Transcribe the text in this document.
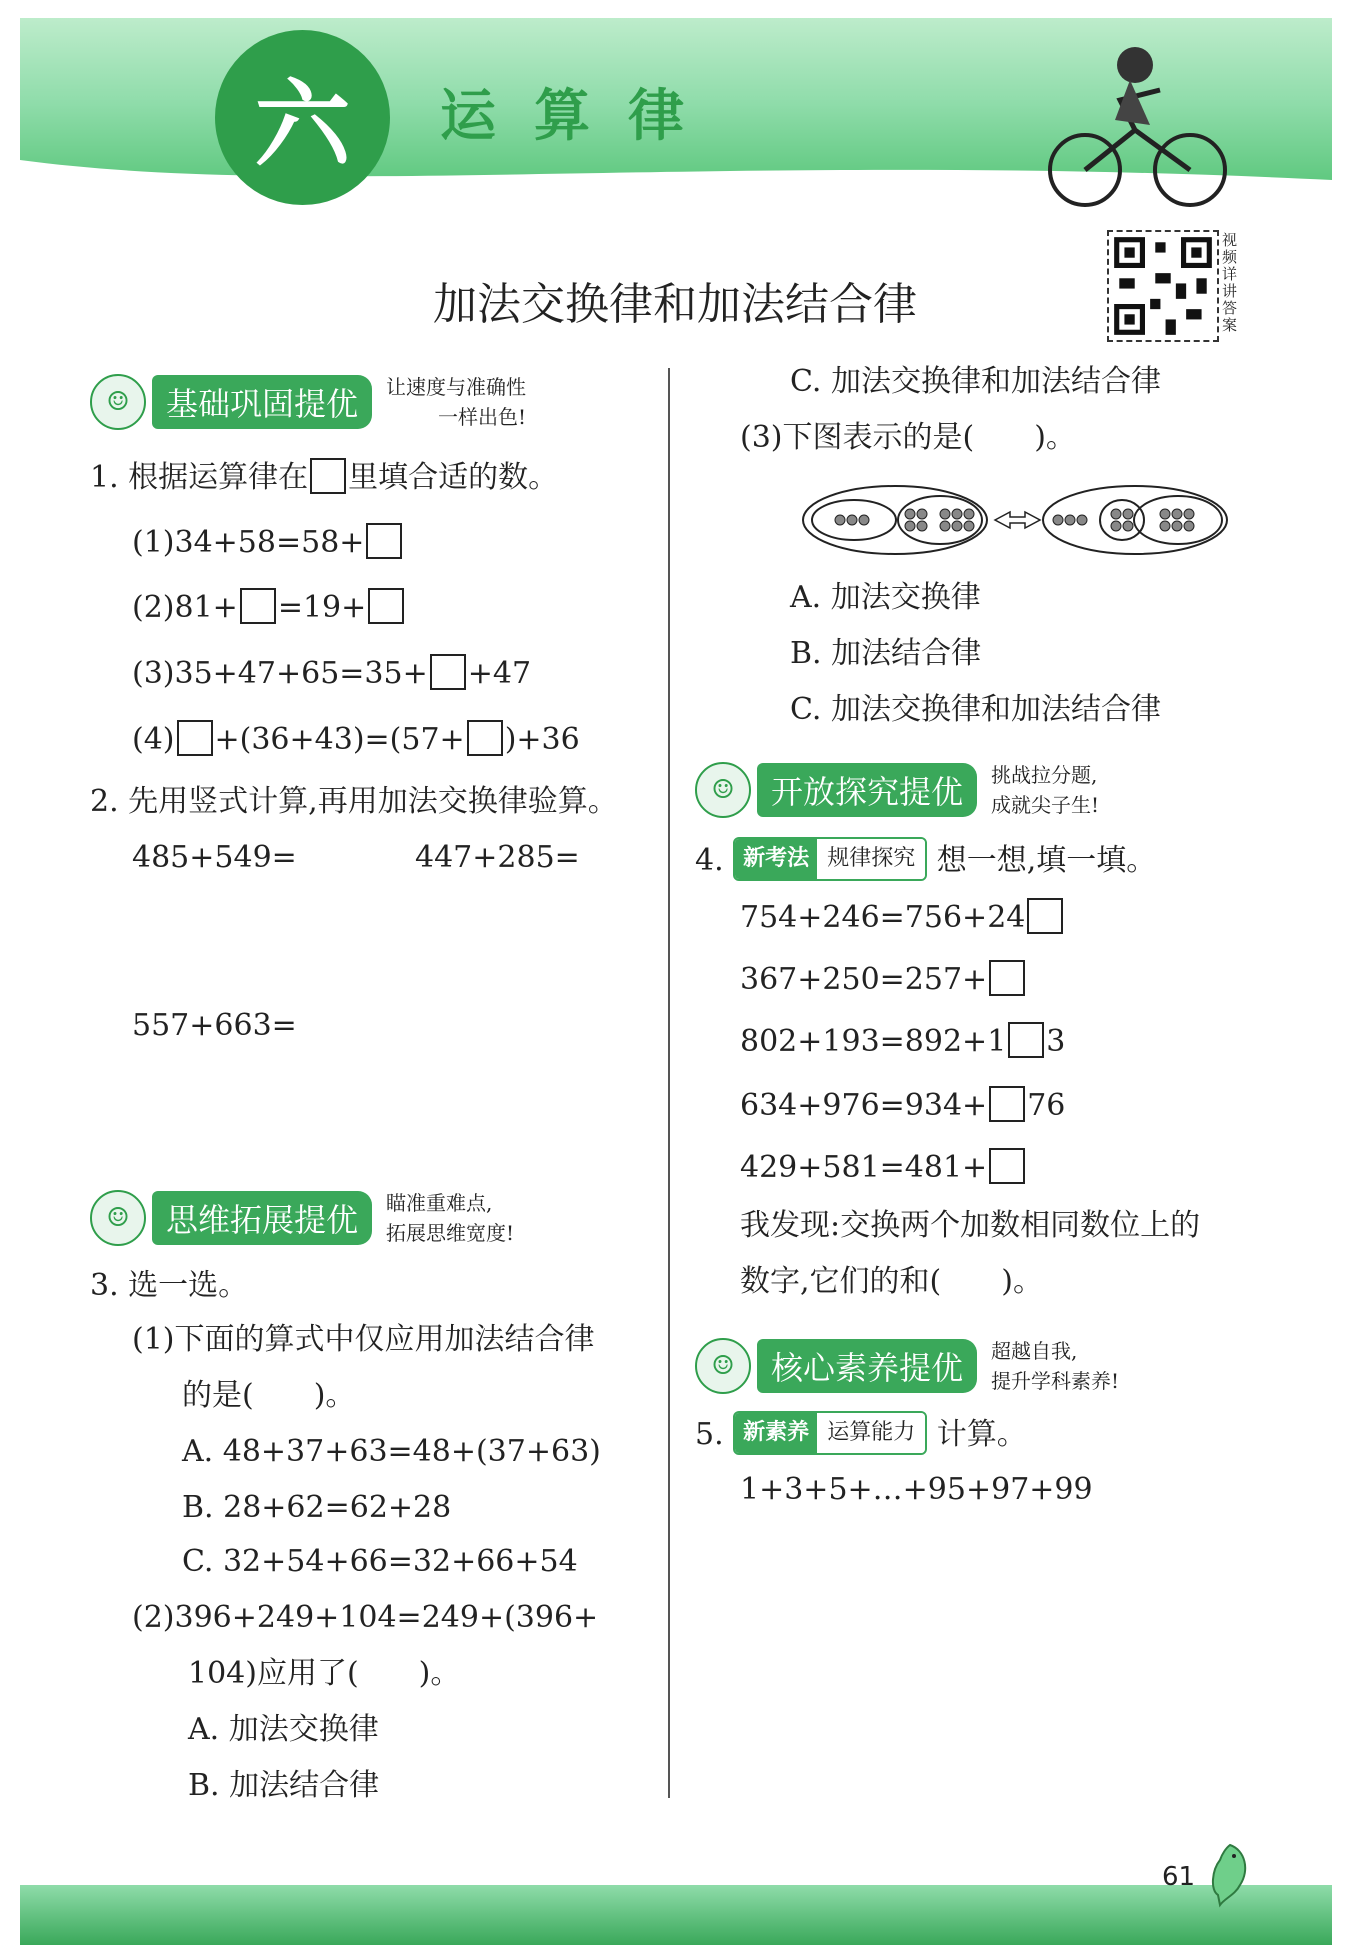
六	运算律
加法交换律和加法结合律
视频详讲答案
☺	基础巩固提优	让速度与准确性
一样出色!
1. 根据运算律在 里填合适的数。
(1)34+58=58+
(2)81+ =19+
(3)35+47+65=35+ +47
(4) +(36+43)=(57+ )+36
2. 先用竖式计算,再用加法交换律验算。
485+549=	447+285=
557+663=
☺	思维拓展提优	瞄准重难点,
拓展思维宽度!
3. 选一选。
(1)下面的算式中仅应用加法结合律
的是(　　)。
A. 48+37+63=48+(37+63)
B. 28+62=62+28
C. 32+54+66=32+66+54
(2)396+249+104=249+(396+
104)应用了(　　)。
A. 加法交换律
B. 加法结合律
C. 加法交换律和加法结合律
(3)下图表示的是(　　)。
A. 加法交换律
B. 加法结合律
C. 加法交换律和加法结合律
☺	开放探究提优	挑战拉分题,
成就尖子生!
4. 新考法 规律探究 想一想,填一填。
754+246=756+24
367+250=257+
802+193=892+1 3
634+976=934+ 76
429+581=481+
我发现:交换两个加数相同数位上的
数字,它们的和(　　)。
☺	核心素养提优	超越自我,
提升学科素养!
5. 新素养 运算能力 计算。
1+3+5+…+95+97+99
61
